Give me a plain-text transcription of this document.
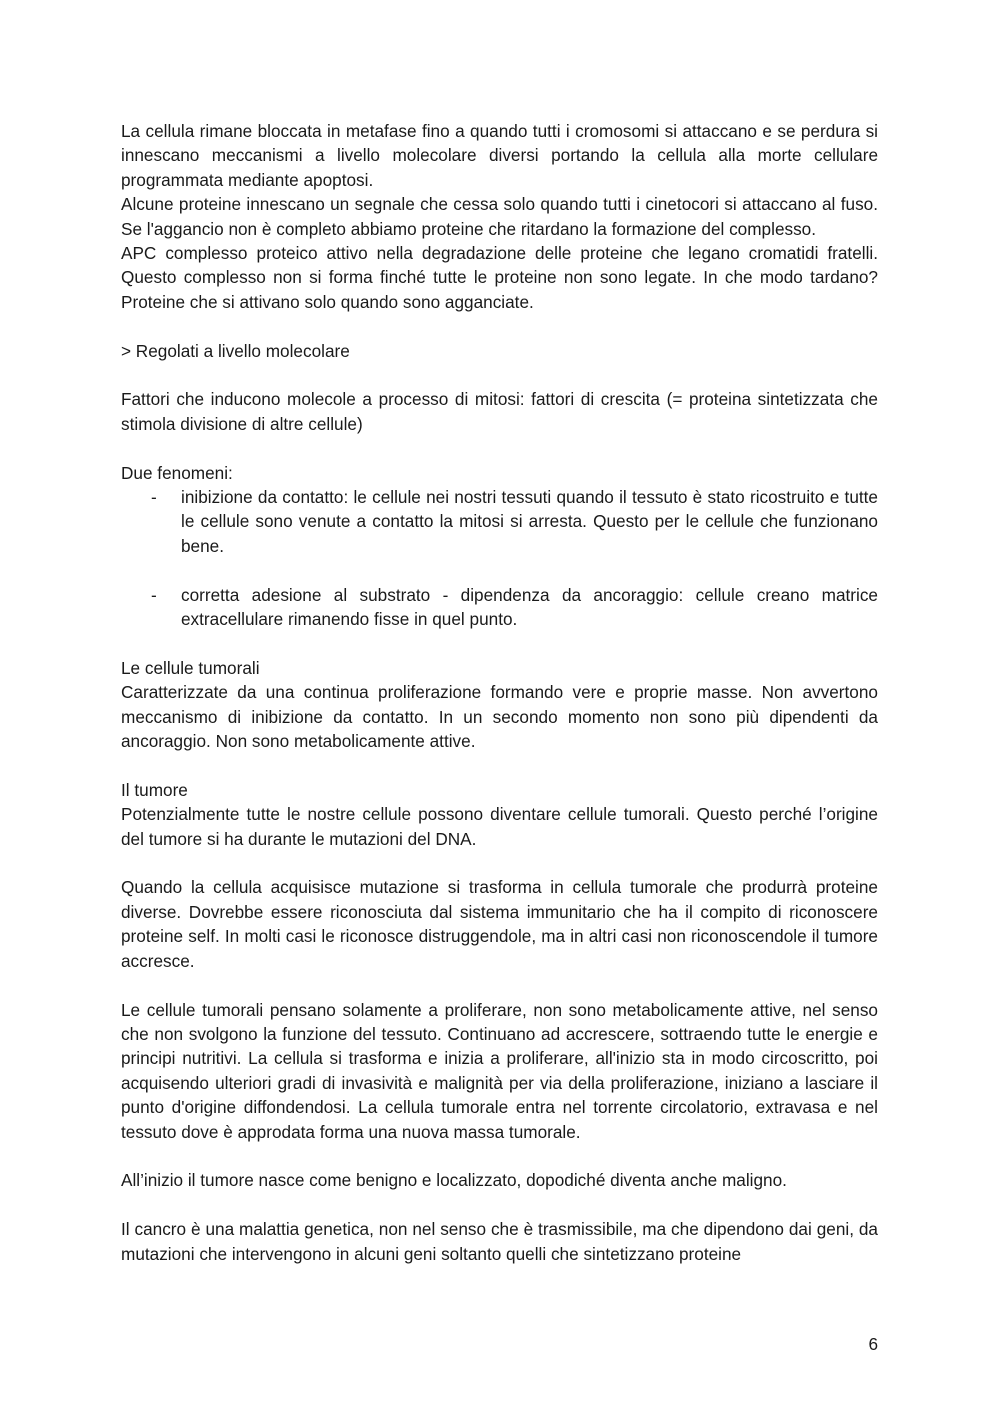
La cellula rimane bloccata in metafase fino a quando tutti i cromosomi si attaccano e se perdura si innescano meccanismi a livello molecolare diversi portando la cellula alla morte cellulare programmata mediante apoptosi.

Alcune proteine innescano un segnale che cessa solo quando tutti i cinetocori si attaccano al fuso. Se l'aggancio non è completo abbiamo proteine che ritardano la formazione del complesso.

APC complesso proteico attivo nella degradazione delle proteine che legano cromatidi fratelli. Questo complesso non si forma finché tutte le proteine non sono legate. In che modo tardano? Proteine che si attivano solo quando sono agganciate.

> Regolati a livello molecolare

Fattori che inducono molecole a processo di mitosi: fattori di crescita (= proteina sintetizzata che stimola divisione di altre cellule)

Due fenomeni:

- inibizione da contatto: le cellule nei nostri tessuti quando il tessuto è stato ricostruito e tutte le cellule sono venute a contatto la mitosi si arresta. Questo per le cellule che funzionano bene.
- corretta adesione al substrato - dipendenza da ancoraggio: cellule creano matrice extracellulare rimanendo fisse in quel punto.

Le cellule tumorali

Caratterizzate da una continua proliferazione formando vere e proprie masse. Non avvertono meccanismo di inibizione da contatto. In un secondo momento non sono più dipendenti da ancoraggio. Non sono metabolicamente attive.

Il tumore

Potenzialmente tutte le nostre cellule possono diventare cellule tumorali. Questo perché l’origine del tumore si ha durante le mutazioni del DNA.

Quando la cellula acquisisce mutazione si trasforma in cellula tumorale che produrrà proteine diverse. Dovrebbe essere riconosciuta dal sistema immunitario che ha il compito di riconoscere proteine self. In molti casi le riconosce distruggendole, ma in altri casi non riconoscendole il tumore accresce.

Le cellule tumorali pensano solamente a proliferare, non sono metabolicamente attive, nel senso che non svolgono la funzione del tessuto. Continuano ad accrescere, sottraendo tutte le energie e principi nutritivi. La cellula si trasforma e inizia a proliferare, all'inizio sta in modo circoscritto, poi acquisendo ulteriori gradi di invasività e malignità per via della proliferazione, iniziano a lasciare il punto d'origine diffondendosi. La cellula tumorale entra nel torrente circolatorio, extravasa e nel tessuto dove è approdata forma una nuova massa tumorale.

All’inizio il tumore nasce come benigno e localizzato, dopodiché diventa anche maligno.

Il cancro è una malattia genetica, non nel senso che è trasmissibile, ma che dipendono dai geni, da mutazioni che intervengono in alcuni geni soltanto quelli che sintetizzano proteine

6
